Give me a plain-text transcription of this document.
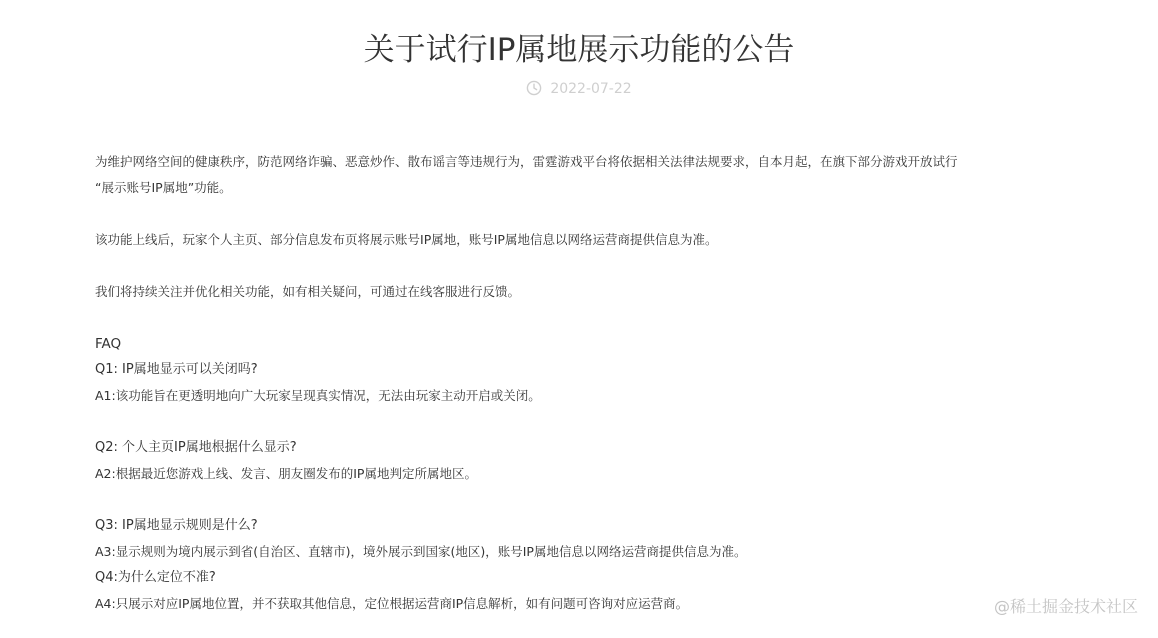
关于试行IP属地展示功能的公告
2022-07-22

为维护网络空间的健康秩序，防范网络诈骗、恶意炒作、散布谣言等违规行为，雷霆游戏平台将依据相关法律法规要求，自本月起，在旗下部分游戏开放试行

“展示账号IP属地”功能。

该功能上线后，玩家个人主页、部分信息发布页将展示账号IP属地，账号IP属地信息以网络运营商提供信息为准。

我们将持续关注并优化相关功能，如有相关疑问，可通过在线客服进行反馈。

FAQ

Q1: IP属地显示可以关闭吗?

A1:该功能旨在更透明地向广大玩家呈现真实情况，无法由玩家主动开启或关闭。

Q2: 个人主页IP属地根据什么显示?

A2:根据最近您游戏上线、发言、朋友圈发布的IP属地判定所属地区。

Q3: IP属地显示规则是什么?

A3:显示规则为境内展示到省(自治区、直辖市)，境外展示到国家(地区)，账号IP属地信息以网络运营商提供信息为准。

Q4:为什么定位不准?

A4:只展示对应IP属地位置，并不获取其他信息，定位根据运营商IP信息解析，如有问题可咨询对应运营商。	@稀土掘金技术社区
